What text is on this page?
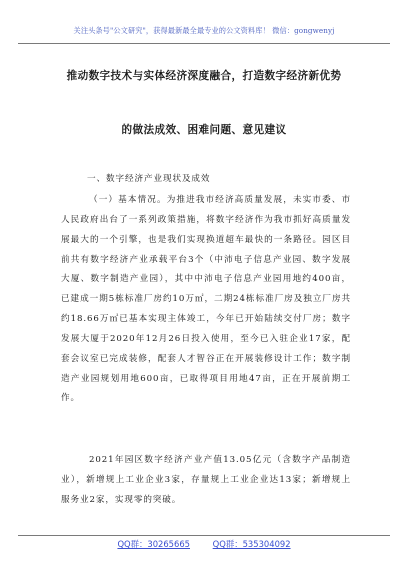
关注头条号"公文研究"，获得最新最全最专业的公文资料库！ 微信：gongwenyj
推动数字技术与实体经济深度融合，打造数字经济新优势
的做法成效、困难问题、意见建议
一、数字经济产业现状及成效

（一）基本情况。为推进我市经济高质量发展，未实市委、市人民政府出台了一系列政策措施，将数字经济作为我市抓好高质量发展最大的一个引擎，也是我们实现换道超车最快的一条路径。园区目前共有数字经济产业承载平台3个（中沛电子信息产业园、数字发展大厦、数字制造产业园），其中中沛电子信息产业园用地约400亩，已建成一期5栋标准厂房约10万㎡，二期24栋标准厂房及独立厂房共约18.66万㎡已基本实现主体竣工，今年已开始陆续交付厂房；数字发展大厦于2020年12月26日投入使用，至今已入驻企业17家，配套会议室已完成装修，配套人才智谷正在开展装修设计工作；数字制造产业园规划用地600亩，已取得项目用地47亩，正在开展前期工作。

2021年园区数字经济产业产值13.05亿元（含数字产品制造业），新增规上工业企业3家，存量规上工业企业达13家；新增规上服务业2家，实现零的突破。

QQ群：30265665	QQ群：535304092
